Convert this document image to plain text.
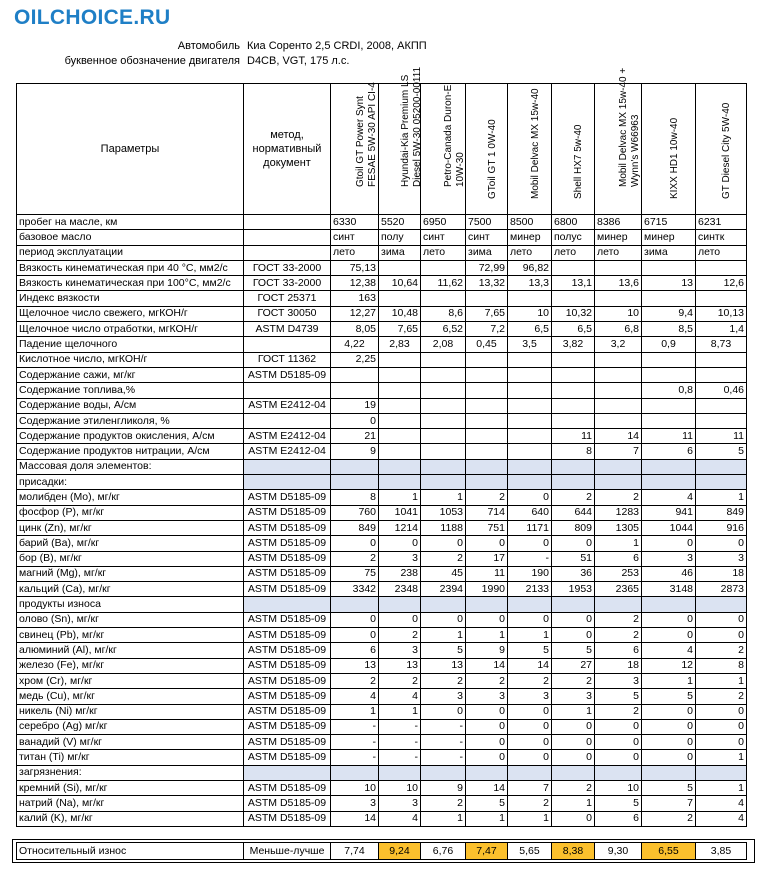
OILCHOICE.RU
Автомобиль Киа Соренто 2,5 CRDI, 2008, АКПП
буквенное обозначение двигателя D4CB, VGT, 175 л.с.
Параметры	метод, нормативный документ	Gtoil GT Power Synt FESAE 5W-30 API CI-4	Hyundai-Kia Premium LS Diesel 5W-30 05200-00111	Petro-Canada Duron-E 10W-30	GToil GT 1 0W-40	Mobil Delvac MX 15w-40	Shell HX7 5w-40	Mobil Delvac MX 15w-40 + Wynn's W66963	KIXX HD1 10w-40	GT Diesel City 5W-40

пробег на масле, км		6330	5520	6950	7500	8500	6800	8386	6715	6231
базовое масло		синт	полу	синт	синт	минер	полус	минер	минер	синтк
период эксплуатации		лето	зима	лето	зима	лето	лето	лето	зима	лето
Вязкость кинематическая при 40 °С, мм2/с	ГОСТ 33-2000	75,13			72,99	96,82				
Вязкость кинематическая при 100°С, мм2/с	ГОСТ 33-2000	12,38	10,64	11,62	13,32	13,3	13,1	13,6	13	12,6
Индекс вязкости	ГОСТ 25371	163								
Щелочное число свежего, мгКОН/г	ГОСТ 30050	12,27	10,48	8,6	7,65	10	10,32	10	9,4	10,13
Щелочное число отработки, мгКОН/г	ASTM D4739	8,05	7,65	6,52	7,2	6,5	6,5	6,8	8,5	1,4
Падение щелочного		4,22	2,83	2,08	0,45	3,5	3,82	3,2	0,9	8,73
Кислотное число, мгКОН/г	ГОСТ 11362	2,25								
Содержание сажи, мг/кг	ASTM D5185-09									
Содержание топлива,%									0,8	0,46
Содержание воды, А/см	ASTM E2412-04	19								
Содержание этиленгликоля, %		0								
Содержание продуктов окисления, А/см	ASTM E2412-04	21					11	14	11	11
Содержание продуктов нитрации, А/см	ASTM E2412-04	9					8	7	6	5
Массовая доля элементов:										
присадки:										
молибден (Mo), мг/кг	ASTM D5185-09	8	1	1	2	0	2	2	4	1
фосфор (P), мг/кг	ASTM D5185-09	760	1041	1053	714	640	644	1283	941	849
цинк (Zn), мг/кг	ASTM D5185-09	849	1214	1188	751	1171	809	1305	1044	916
барий (Ba), мг/кг	ASTM D5185-09	0	0	0	0	0	0	1	0	0
бор (B), мг/кг	ASTM D5185-09	2	3	2	17	-	51	6	3	3
магний (Mg), мг/кг	ASTM D5185-09	75	238	45	11	190	36	253	46	18
кальций (Ca), мг/кг	ASTM D5185-09	3342	2348	2394	1990	2133	1953	2365	3148	2873
продукты износа										
олово (Sn), мг/кг	ASTM D5185-09	0	0	0	0	0	0	2	0	0
свинец (Pb), мг/кг	ASTM D5185-09	0	2	1	1	1	0	2	0	0
алюминий (Al), мг/кг	ASTM D5185-09	6	3	5	9	5	5	6	4	2
железо (Fe), мг/кг	ASTM D5185-09	13	13	13	14	14	27	18	12	8
хром (Cr), мг/кг	ASTM D5185-09	2	2	2	2	2	2	3	1	1
медь (Cu), мг/кг	ASTM D5185-09	4	4	3	3	3	3	5	5	2
никель (Ni) мг/кг	ASTM D5185-09	1	1	0	0	0	1	2	0	0
серебро (Ag) мг/кг	ASTM D5185-09	-	-	-	0	0	0	0	0	0
ванадий (V) мг/кг	ASTM D5185-09	-	-	-	0	0	0	0	0	0
титан (Ti) мг/кг	ASTM D5185-09	-	-	-	0	0	0	0	0	1
загрязнения:										
кремний (Si), мг/кг	ASTM D5185-09	10	10	9	14	7	2	10	5	1
натрий (Na), мг/кг	ASTM D5185-09	3	3	2	5	2	1	5	7	4
калий (K), мг/кг	ASTM D5185-09	14	4	1	1	1	0	6	2	4
Относительный износ	Меньше-лучше	7,74	9,24	6,76	7,47	5,65	8,38	9,30	6,55	3,85
